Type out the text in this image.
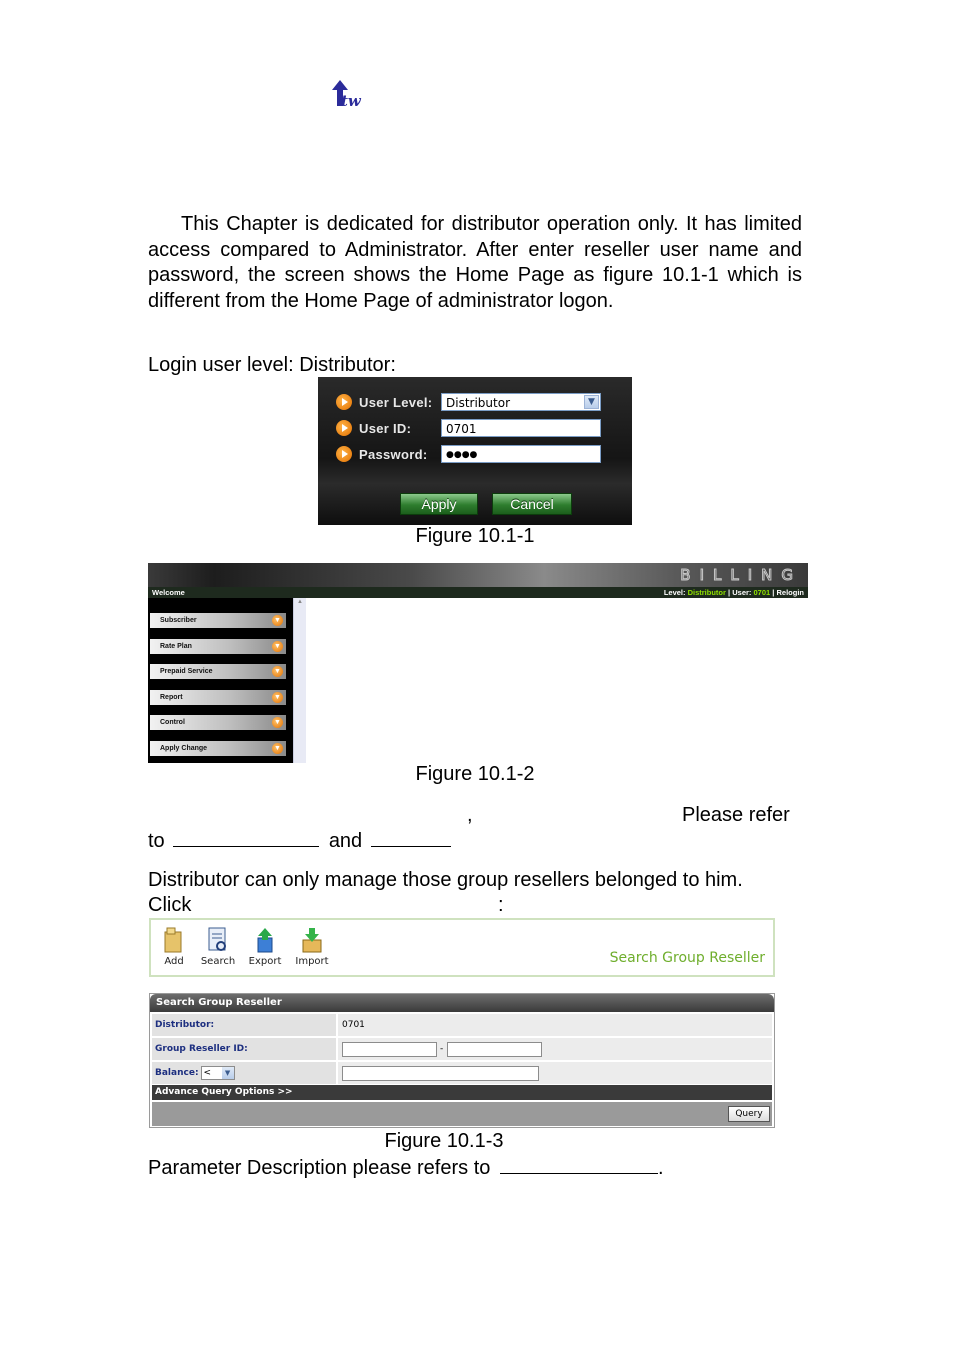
tw
This Chapter is dedicated for distributor operation only. It has limited access compared to Administrator. After enter reseller user name and password, the screen shows the Home Page as figure 10.1-1 which is different from the Home Page of administrator logon.
Login user level: Distributor:
User Level:	Distributor	▼
User ID:	0701
Password:	●●●●
Apply	Cancel
Figure 10.1-1
BILLING
Welcome	Level: Distributor | User: 0701 | Relogin
Subscriber	▼
Rate Plan	▼
Prepaid Service	▼
Report	▼
Control	▼
Apply Change	▼
▲
Figure 10.1-2
,	Please refer
to	and
Distributor can only manage those group resellers belonged to him.
Click	:
Add	Search	Export	Import	Search Group Reseller
Search Group Reseller
Distributor:	0701
Group Reseller ID:	-
Balance: <	▼
Advance Query Options >>
Query
Figure 10.1-3
Parameter Description please refers to	.
